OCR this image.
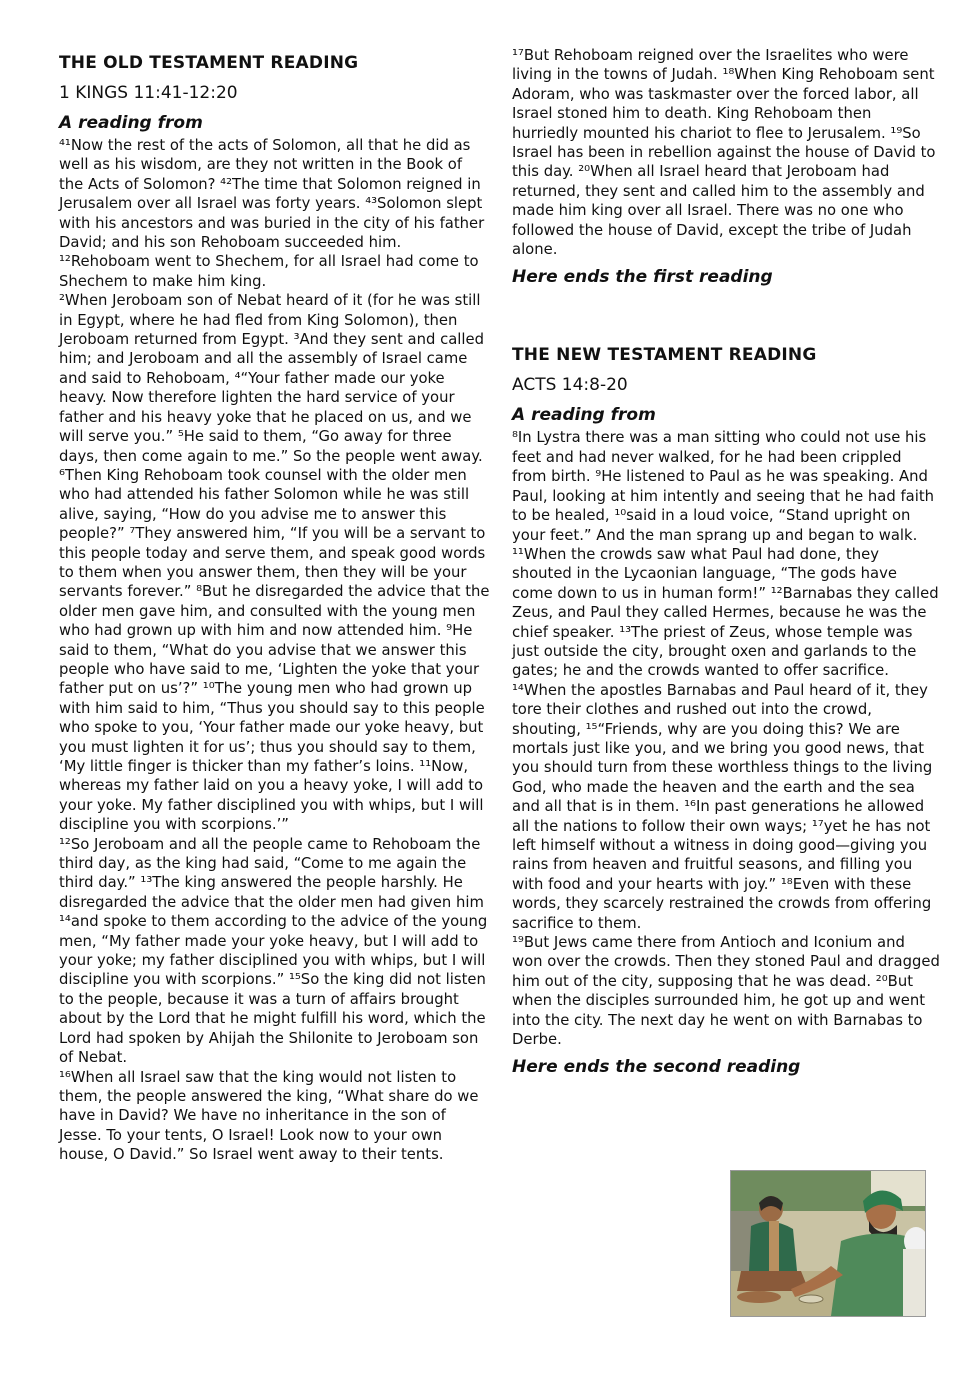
THE OLD TESTAMENT READING
1 KINGS 11:41-12:20
A reading from

⁴¹Now the rest of the acts of Solomon, all that he did as well as his wisdom, are they not written in the Book of the Acts of Solomon? ⁴²The time that Solomon reigned in Jerusalem over all Israel was forty years. ⁴³Solomon slept with his ancestors and was buried in the city of his father David; and his son Rehoboam succeeded him.
¹²Rehoboam went to Shechem, for all Israel had come to Shechem to make him king.
²When Jeroboam son of Nebat heard of it (for he was still in Egypt, where he had fled from King Solomon), then Jeroboam returned from Egypt. ³And they sent and called him; and Jeroboam and all the assembly of Israel came and said to Rehoboam, ⁴“Your father made our yoke heavy. Now therefore lighten the hard service of your father and his heavy yoke that he placed on us, and we will serve you.” ⁵He said to them, “Go away for three days, then come again to me.” So the people went away. ⁶Then King Rehoboam took counsel with the older men who had attended his father Solomon while he was still alive, saying, “How do you advise me to answer this people?” ⁷They answered him, “If you will be a servant to this people today and serve them, and speak good words to them when you answer them, then they will be your servants forever.” ⁸But he disregarded the advice that the older men gave him, and consulted with the young men who had grown up with him and now attended him. ⁹He said to them, “What do you advise that we answer this people who have said to me, ‘Lighten the yoke that your father put on us’?” ¹⁰The young men who had grown up with him said to him, “Thus you should say to this people who spoke to you, ‘Your father made our yoke heavy, but you must lighten it for us’; thus you should say to them, ‘My little finger is thicker than my father’s loins. ¹¹Now, whereas my father laid on you a heavy yoke, I will add to your yoke. My father disciplined you with whips, but I will discipline you with scorpions.’”
¹²So Jeroboam and all the people came to Rehoboam the third day, as the king had said, “Come to me again the third day.” ¹³The king answered the people harshly. He disregarded the advice that the older men had given him ¹⁴and spoke to them according to the advice of the young men, “My father made your yoke heavy, but I will add to your yoke; my father disciplined you with whips, but I will discipline you with scorpions.” ¹⁵So the king did not listen to the people, because it was a turn of affairs brought about by the Lord that he might fulfill his word, which the Lord had spoken by Ahijah the Shilonite to Jeroboam son of Nebat.
¹⁶When all Israel saw that the king would not listen to them, the people answered the king, “What share do we have in David? We have no inheritance in the son of Jesse. To your tents, O Israel! Look now to your own house, O David.” So Israel went away to their tents.

¹⁷But Rehoboam reigned over the Israelites who were living in the towns of Judah. ¹⁸When King Rehoboam sent Adoram, who was taskmaster over the forced labor, all Israel stoned him to death. King Rehoboam then hurriedly mounted his chariot to flee to Jerusalem. ¹⁹So Israel has been in rebellion against the house of David to this day. ²⁰When all Israel heard that Jeroboam had returned, they sent and called him to the assembly and made him king over all Israel. There was no one who followed the house of David, except the tribe of Judah alone.

Here ends the first reading
THE NEW TESTAMENT READING
ACTS 14:8-20
A reading from

⁸In Lystra there was a man sitting who could not use his feet and had never walked, for he had been crippled from birth. ⁹He listened to Paul as he was speaking. And Paul, looking at him intently and seeing that he had faith to be healed, ¹⁰said in a loud voice, “Stand upright on your feet.” And the man sprang up and began to walk. ¹¹When the crowds saw what Paul had done, they shouted in the Lycaonian language, “The gods have come down to us in human form!” ¹²Barnabas they called Zeus, and Paul they called Hermes, because he was the chief speaker. ¹³The priest of Zeus, whose temple was just outside the city, brought oxen and garlands to the gates; he and the crowds wanted to offer sacrifice. ¹⁴When the apostles Barnabas and Paul heard of it, they tore their clothes and rushed out into the crowd, shouting, ¹⁵“Friends, why are you doing this? We are mortals just like you, and we bring you good news, that you should turn from these worthless things to the living God, who made the heaven and the earth and the sea and all that is in them. ¹⁶In past generations he allowed all the nations to follow their own ways; ¹⁷yet he has not left himself without a witness in doing good—giving you rains from heaven and fruitful seasons, and filling you with food and your hearts with joy.” ¹⁸Even with these words, they scarcely restrained the crowds from offering sacrifice to them.
¹⁹But Jews came there from Antioch and Iconium and won over the crowds. Then they stoned Paul and dragged him out of the city, supposing that he was dead. ²⁰But when the disciples surrounded him, he got up and went into the city. The next day he went on with Barnabas to Derbe.

Here ends the second reading
